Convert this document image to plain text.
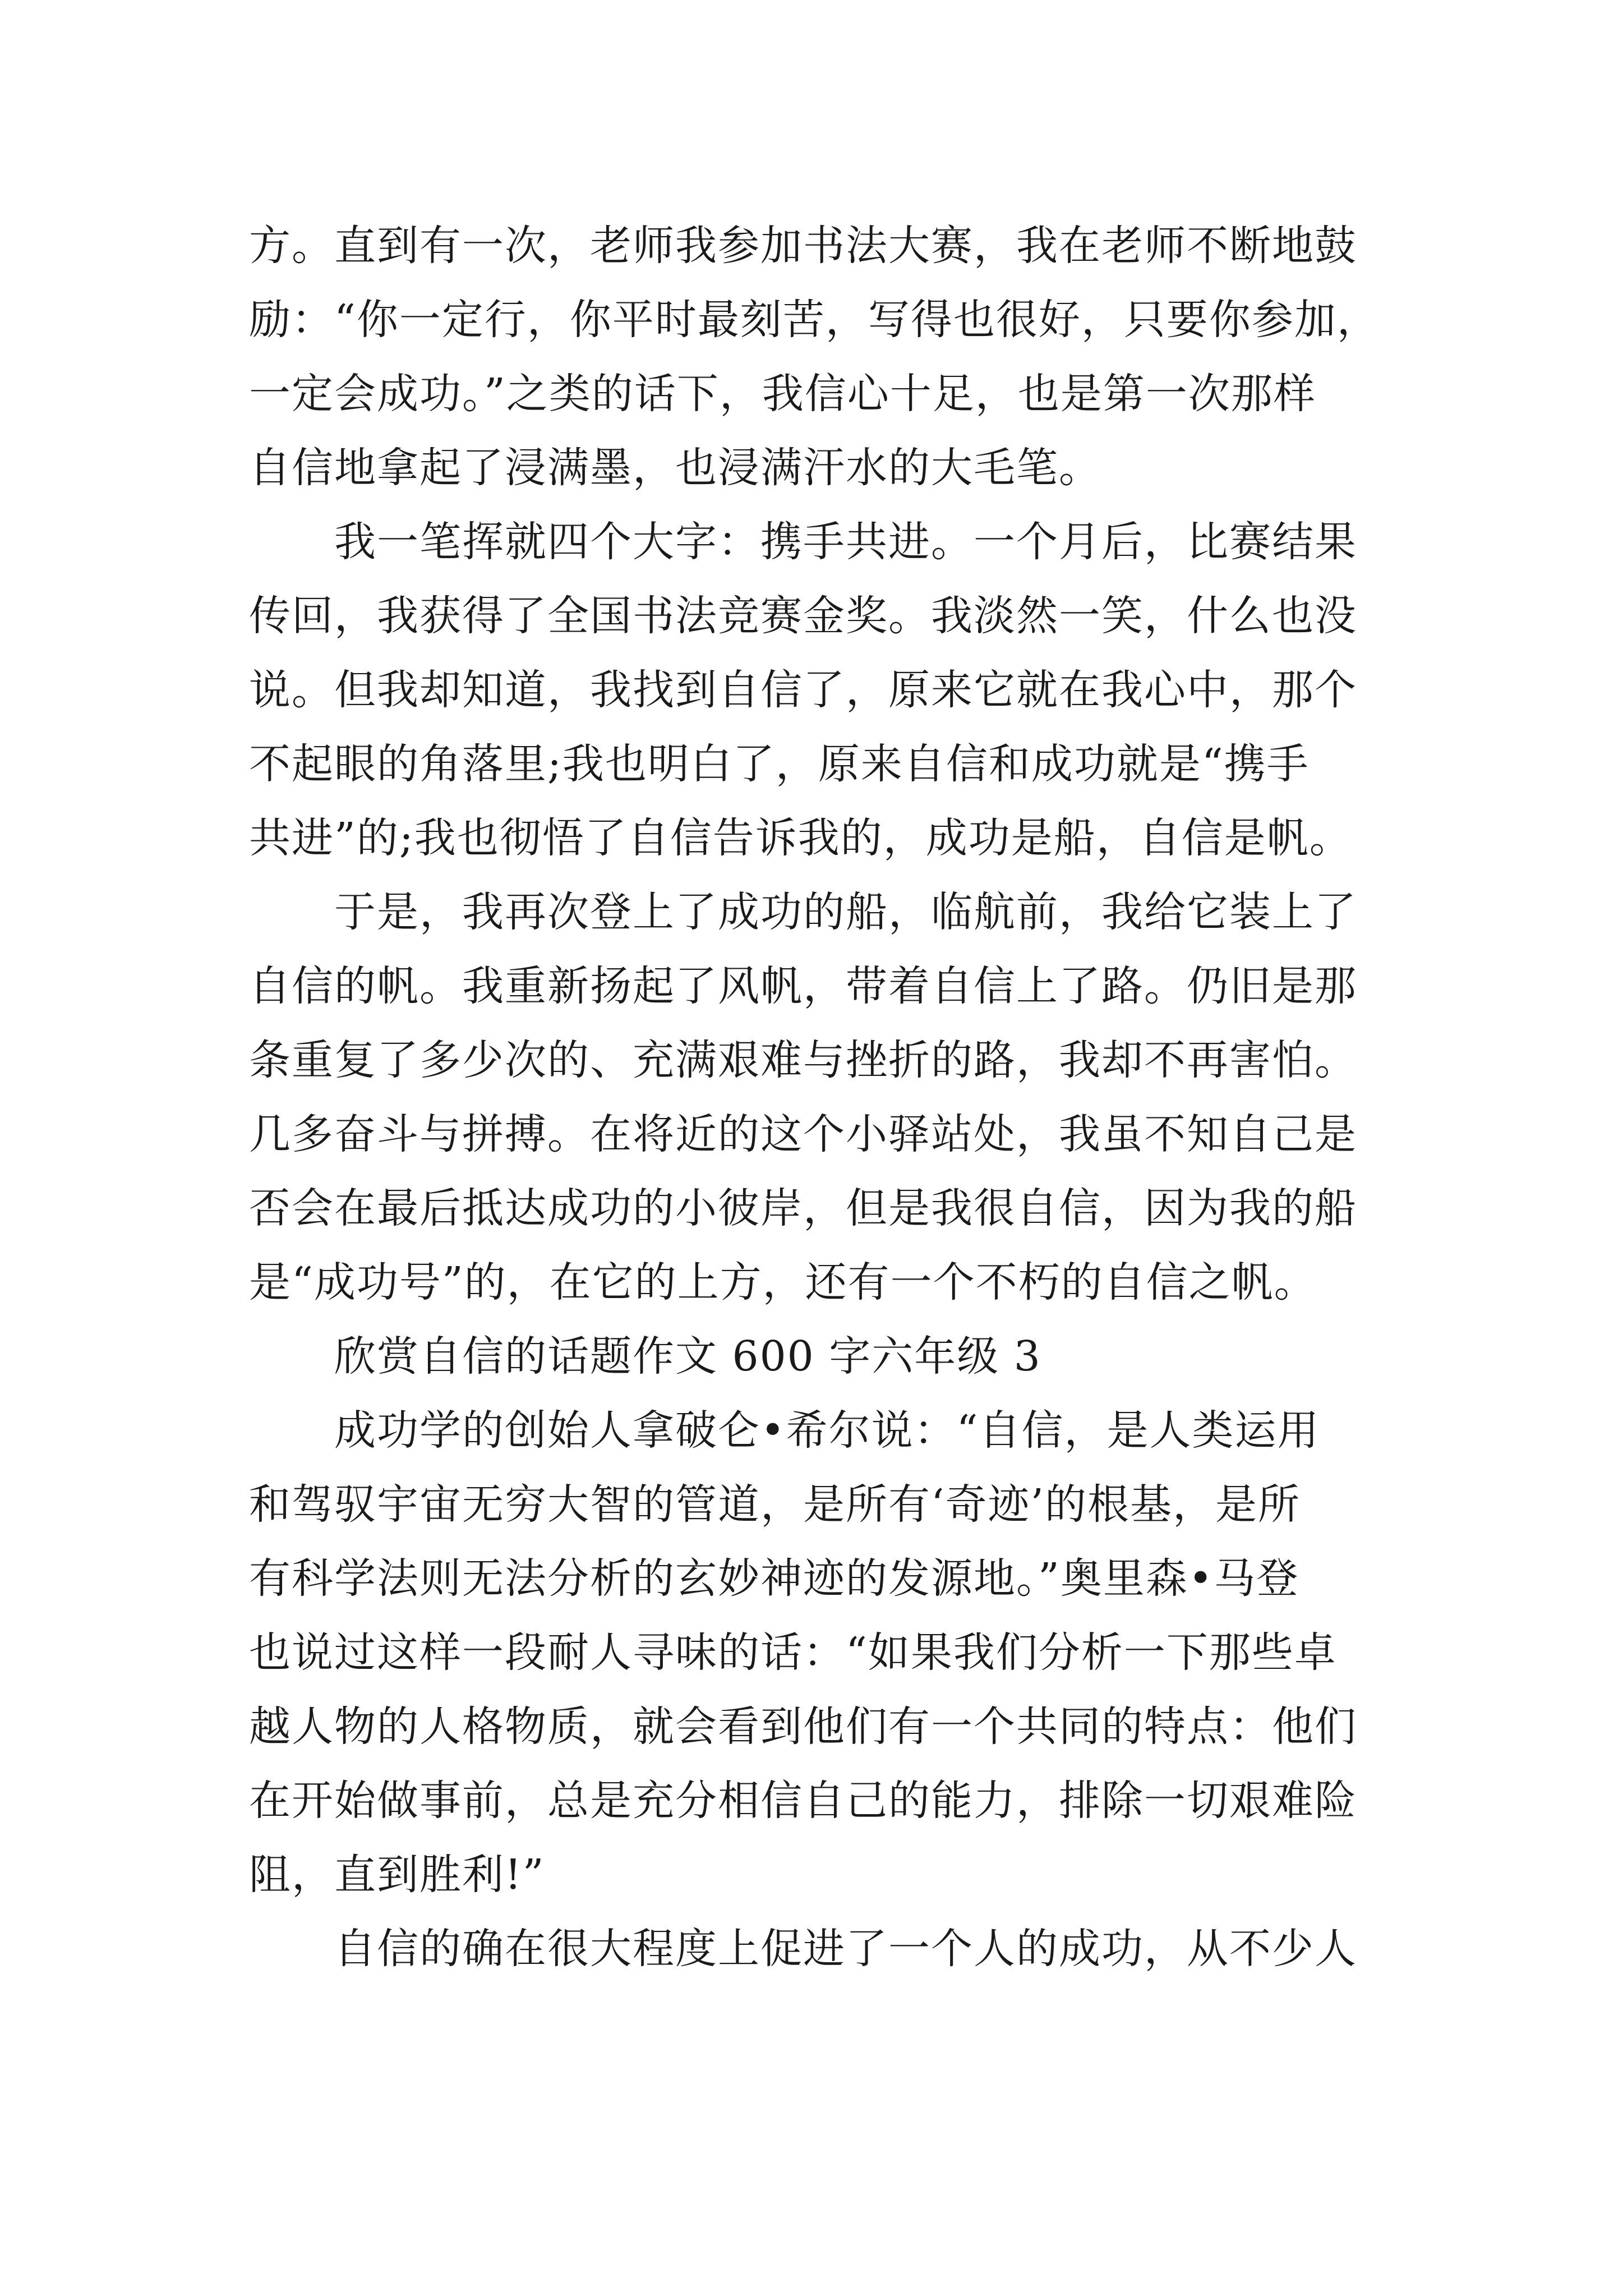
方。直到有一次，老师我参加书法大赛，我在老师不断地鼓
励：“你一定行，你平时最刻苦，写得也很好，只要你参加，
一定会成功。”之类的话下，我信心十足，也是第一次那样
自信地拿起了浸满墨，也浸满汗水的大毛笔。
我一笔挥就四个大字：携手共进。一个月后，比赛结果
传回，我获得了全国书法竞赛金奖。我淡然一笑，什么也没
说。但我却知道，我找到自信了，原来它就在我心中，那个
不起眼的角落里;我也明白了，原来自信和成功就是“携手
共进”的;我也彻悟了自信告诉我的，成功是船，自信是帆。
于是，我再次登上了成功的船，临航前，我给它装上了
自信的帆。我重新扬起了风帆，带着自信上了路。仍旧是那
条重复了多少次的、充满艰难与挫折的路，我却不再害怕。
几多奋斗与拼搏。在将近的这个小驿站处，我虽不知自己是
否会在最后抵达成功的小彼岸，但是我很自信，因为我的船
是“成功号”的，在它的上方，还有一个不朽的自信之帆。
欣赏自信的话题作文 600 字六年级 3
成功学的创始人拿破仑•希尔说：“自信，是人类运用
和驾驭宇宙无穷大智的管道，是所有‘奇迹’的根基，是所
有科学法则无法分析的玄妙神迹的发源地。”奥里森•马登
也说过这样一段耐人寻味的话：“如果我们分析一下那些卓
越人物的人格物质，就会看到他们有一个共同的特点：他们
在开始做事前，总是充分相信自己的能力，排除一切艰难险
阻，直到胜利!”
自信的确在很大程度上促进了一个人的成功，从不少人
